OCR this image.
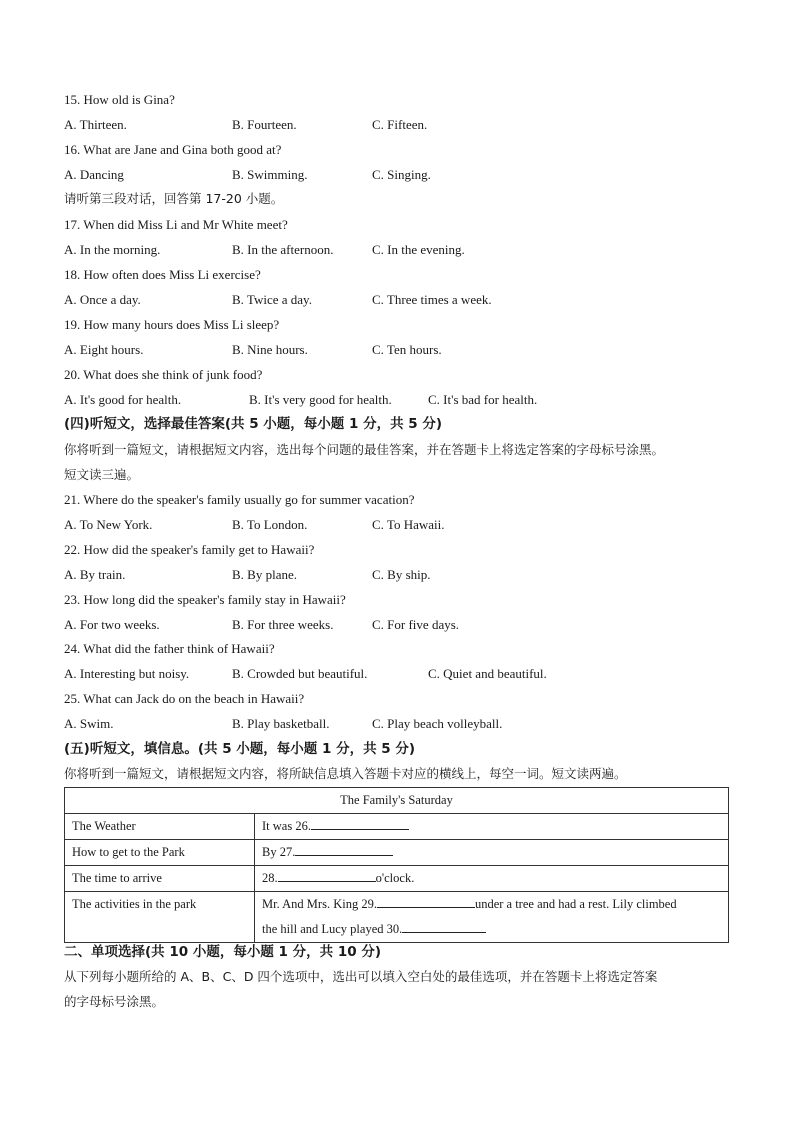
15. How old is Gina?
A. Thirteen.	B. Fourteen.	C. Fifteen.
16. What are Jane and Gina both good at?
A. Dancing	B. Swimming.	C. Singing.
请听第三段对话，回答第 17-20 小题。
17. When did Miss Li and Mr White meet?
A. In the morning.	B. In the afternoon.	C. In the evening.
18. How often does Miss Li exercise?
A. Once a day.	B. Twice a day.	C. Three times a week.
19. How many hours does Miss Li sleep?
A. Eight hours.	B. Nine hours.	C. Ten hours.
20. What does she think of junk food?
A. It's good for health.	B. It's very good for health.	C. It's bad for health.
(四)听短文，选择最佳答案(共 5 小题，每小题 1 分，共 5 分)
你将听到一篇短文，请根据短文内容，选出每个问题的最佳答案，并在答题卡上将选定答案的字母标号涂黑。
短文读三遍。
21. Where do the speaker's family usually go for summer vacation?
A. To New York.	B. To London.	C. To Hawaii.
22. How did the speaker's family get to Hawaii?
A. By train.	B. By plane.	C. By ship.
23. How long did the speaker's family stay in Hawaii?
A. For two weeks.	B. For three weeks.	C. For five days.
24. What did the father think of Hawaii?
A. Interesting but noisy.	B. Crowded but beautiful.	C. Quiet and beautiful.
25. What can Jack do on the beach in Hawaii?
A. Swim.	B. Play basketball.	C. Play beach volleyball.
(五)听短文，填信息。(共 5 小题，每小题 1 分，共 5 分)
你将听到一篇短文，请根据短文内容，将所缺信息填入答题卡对应的横线上，每空一词。短文读两遍。
The Family's Saturday	
The Weather	It was 26.
How to get to the Park	By 27.
The time to arrive	28. o'clock.
The activities in the park	Mr. And Mrs. King 29. under a tree and had a rest. Lily climbed
the hill and Lucy played 30.
二、单项选择(共 10 小题，每小题 1 分，共 10 分)
从下列每小题所给的 A、B、C、D 四个选项中，选出可以填入空白处的最佳选项，并在答题卡上将选定答案
的字母标号涂黑。
